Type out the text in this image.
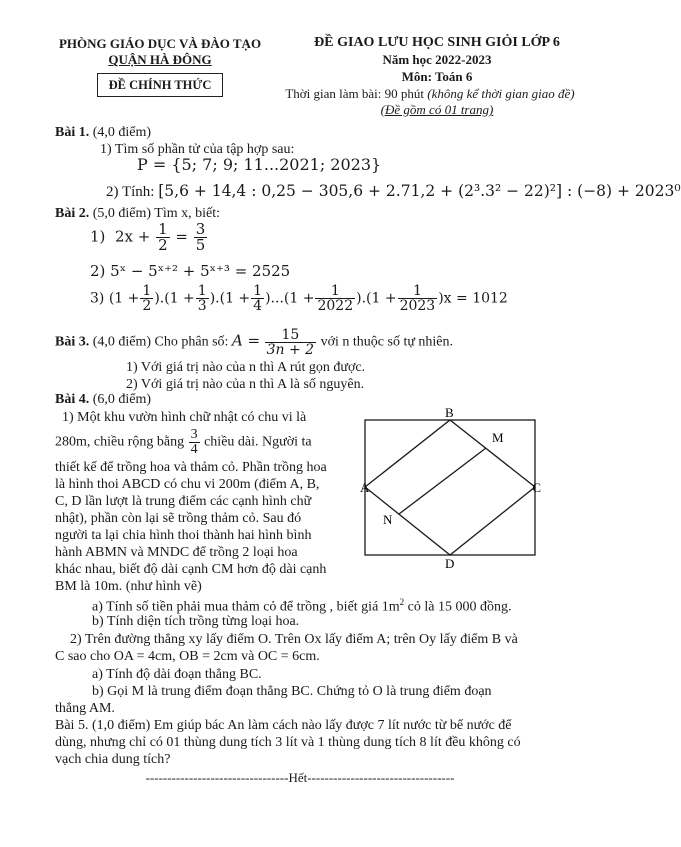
PHÒNG GIÁO DỤC VÀ ĐÀO TẠO
QUẬN HÀ ĐÔNG
ĐỀ CHÍNH THỨC
ĐỀ GIAO LƯU HỌC SINH GIỎI LỚP 6
Năm học 2022-2023
Môn: Toán 6
Thời gian làm bài: 90 phút (không kể thời gian giao đề)
(Đề gồm có 01 trang)
Bài 1. (4,0 điểm)
1) Tìm số phần tử của tập hợp sau:
P = {5; 7; 9; 11...2021; 2023}
2) Tính: [5,6 + 14,4 : 0,25 − 305,6 + 2.71,2 + (2³.3² − 22)²] : (−8) + 2023⁰
Bài 2. (5,0 điểm) Tìm x, biết:
1) $2x + \frac{1}{2} = \frac{3}{5}$
2) 5ˣ − 5ˣ⁺² + 5ˣ⁺³ = 2525
3) $(1 + \frac{1}{2} ).(1 + \frac{1}{3} ).(1 + \frac{1}{4} )...(1 + \frac{1}{2022} ).(1 + \frac{1}{2023} )x = 1012$
Bài 3. (4,0 điểm) Cho phân số: $A = \frac{15}{3n + 2}$ với n thuộc số tự nhiên.
1) Với giá trị nào của n thì A rút gọn được.
2) Với giá trị nào của n thì A là số nguyên.
Bài 4. (6,0 điểm)
1) Một khu vườn hình chữ nhật có chu vi là
280m, chiều rộng bằng $\frac{3}{4}$ chiều dài. Người ta
thiết kế để trồng hoa và thảm cỏ. Phần trồng hoa
là hình thoi ABCD có chu vi 200m (điểm A, B,
C, D lần lượt là trung điểm các cạnh hình chữ
nhật), phần còn lại sẽ trồng thảm cỏ. Sau đó
người ta lại chia hình thoi thành hai hình bình
hành ABMN và MNDC để trồng 2 loại hoa
khác nhau, biết độ dài cạnh CM hơn độ dài cạnh
BM là 10m. (như hình vẽ)
a) Tính số tiền phải mua thảm cỏ để trồng , biết giá $1m^2$ cỏ là 15 000 đồng.
b) Tính diện tích trồng từng loại hoa.
2) Trên đường thẳng xy lấy điểm O. Trên Ox lấy điểm A; trên Oy lấy điểm B và
C sao cho OA = 4cm, OB = 2cm và OC = 6cm.
a) Tính độ dài đoạn thẳng BC.
b) Gọi M là trung điểm đoạn thẳng BC. Chứng tỏ O là trung điểm đoạn
thẳng AM.
A
B
C
D
M
N
Bài 5. (1,0 điểm) Em giúp bác An làm cách nào lấy được 7 lít nước từ bể nước để
dùng, nhưng chỉ có 01 thùng dung tích 3 lít và 1 thùng dung tích 8 lít đều không có
vạch chia dung tích?
---------------------------------Hết----------------------------------
